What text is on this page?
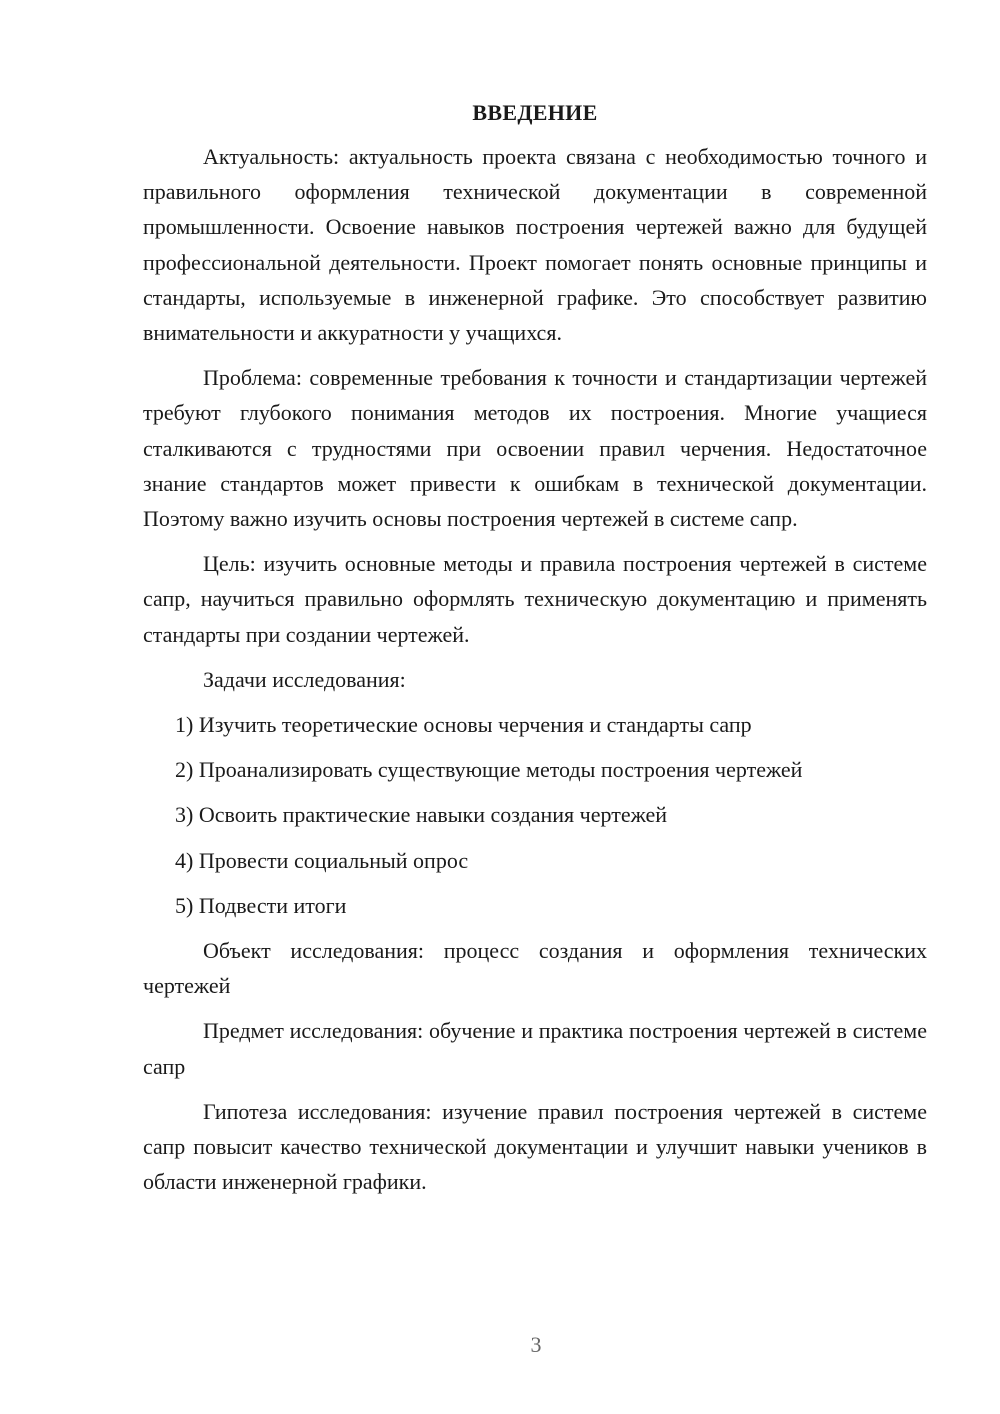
ВВЕДЕНИЕ

Актуальность: актуальность проекта связана с необходимостью точного и правильного оформления технической документации в современной промышленности. Освоение навыков построения чертежей важно для будущей профессиональной деятельности. Проект помогает понять основные принципы и стандарты, используемые в инженерной графике. Это способствует развитию внимательности и аккуратности у учащихся.

Проблема: современные требования к точности и стандартизации чертежей требуют глубокого понимания методов их построения. Многие учащиеся сталкиваются с трудностями при освоении правил черчения. Недостаточное знание стандартов может привести к ошибкам в технической документации. Поэтому важно изучить основы построения чертежей в системе сапр.

Цель: изучить основные методы и правила построения чертежей в системе сапр, научиться правильно оформлять техническую документацию и применять стандарты при создании чертежей.

Задачи исследования:

1) Изучить теоретические основы черчения и стандарты сапр
2) Проанализировать существующие методы построения чертежей
3) Освоить практические навыки создания чертежей
4) Провести социальный опрос
5) Подвести итоги

Объект исследования: процесс создания и оформления технических чертежей

Предмет исследования: обучение и практика построения чертежей в системе сапр

Гипотеза исследования: изучение правил построения чертежей в системе сапр повысит качество технической документации и улучшит навыки учеников в области инженерной графики.

3
